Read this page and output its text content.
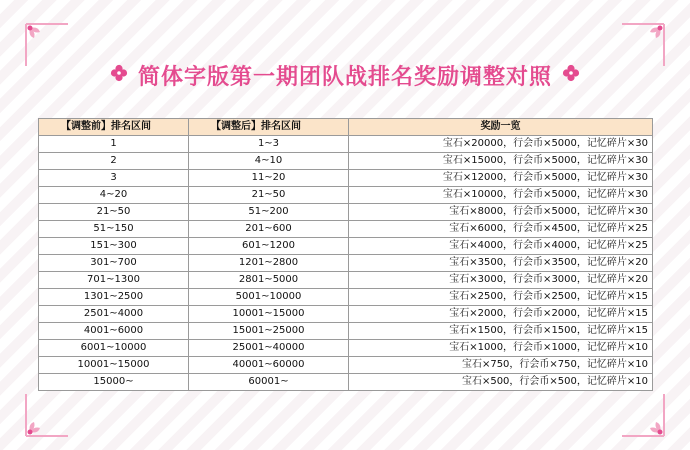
简体字版第一期团队战排名奖励调整对照
【调整前】排名区间	【调整后】排名区间	奖励一览
1	1~3	宝石×20000，行会币×5000，记忆碎片×30
2	4~10	宝石×15000，行会币×5000，记忆碎片×30
3	11~20	宝石×12000，行会币×5000，记忆碎片×30
4~20	21~50	宝石×10000，行会币×5000，记忆碎片×30
21~50	51~200	宝石×8000，行会币×5000，记忆碎片×30
51~150	201~600	宝石×6000，行会币×4500，记忆碎片×25
151~300	601~1200	宝石×4000，行会币×4000，记忆碎片×25
301~700	1201~2800	宝石×3500，行会币×3500，记忆碎片×20
701~1300	2801~5000	宝石×3000，行会币×3000，记忆碎片×20
1301~2500	5001~10000	宝石×2500，行会币×2500，记忆碎片×15
2501~4000	10001~15000	宝石×2000，行会币×2000，记忆碎片×15
4001~6000	15001~25000	宝石×1500，行会币×1500，记忆碎片×15
6001~10000	25001~40000	宝石×1000，行会币×1000，记忆碎片×10
10001~15000	40001~60000	宝石×750，行会币×750，记忆碎片×10
15000~	60001~	宝石×500，行会币×500，记忆碎片×10
